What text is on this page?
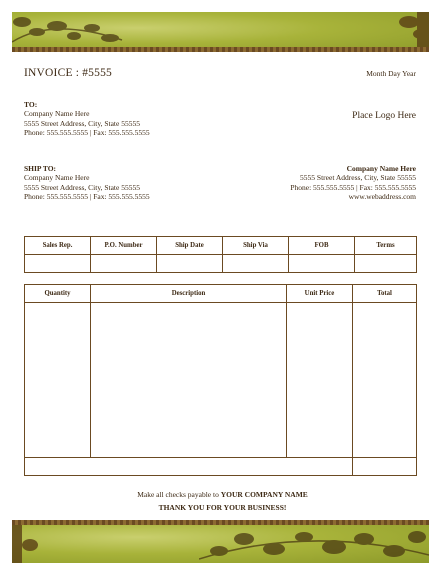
INVOICE : #5555	Month Day Year
TO:
Company Name Here
5555 Street Address, City, State 55555
Phone: 555.555.5555 | Fax: 555.555.5555
Place Logo Here
SHIP TO:
Company Name Here
5555 Street Address, City, State 55555
Phone: 555.555.5555 | Fax: 555.555.5555
Company Name Here
5555 Street Address, City, State 55555
Phone: 555.555.5555 | Fax: 555.555.5555
www.webaddress.com
Sales Rep.	P.O. Number	Ship Date	Ship Via	FOB	Terms

Quantity	Description	Unit Price	Total

Make all checks payable to YOUR COMPANY NAME
THANK YOU FOR YOUR BUSINESS!
